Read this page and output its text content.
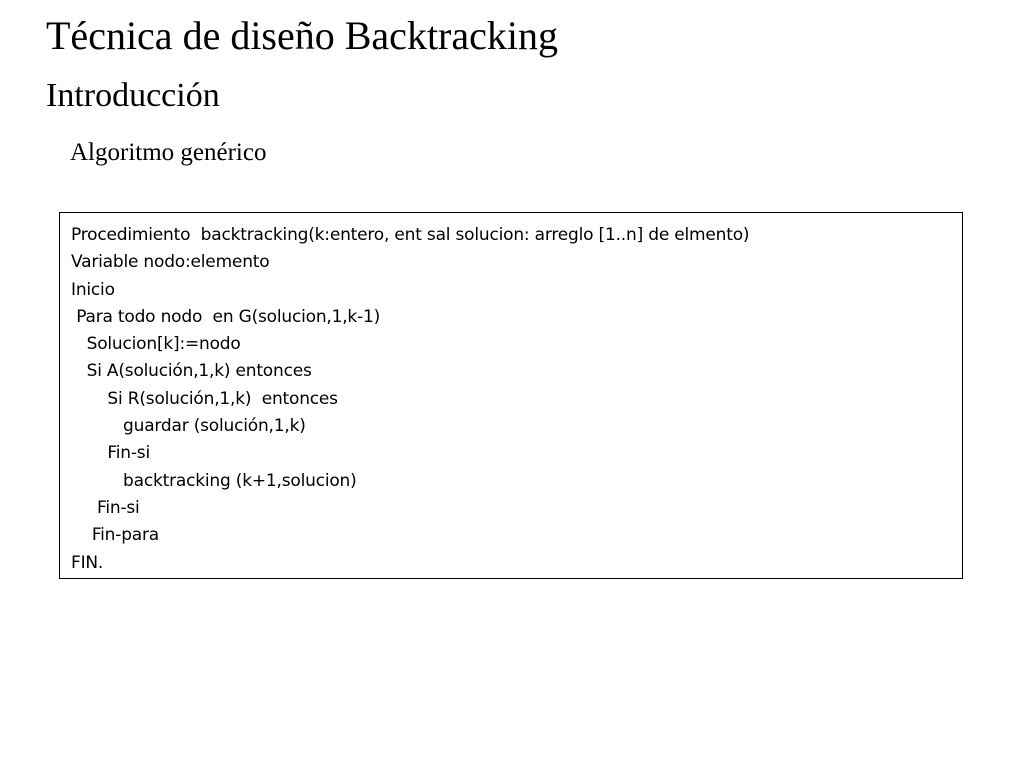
Técnica de diseño Backtracking
Introducción
Algoritmo genérico
Procedimiento  backtracking(k:entero, ent sal solucion: arreglo [1..n] de elmento)
Variable nodo:elemento
Inicio
Para todo nodo  en G(solucion,1,k-1)
Solucion[k]:=nodo
Si A(solución,1,k) entonces
Si R(solución,1,k)  entonces
guardar (solución,1,k)
Fin-si
backtracking (k+1,solucion)
Fin-si
Fin-para
FIN.
